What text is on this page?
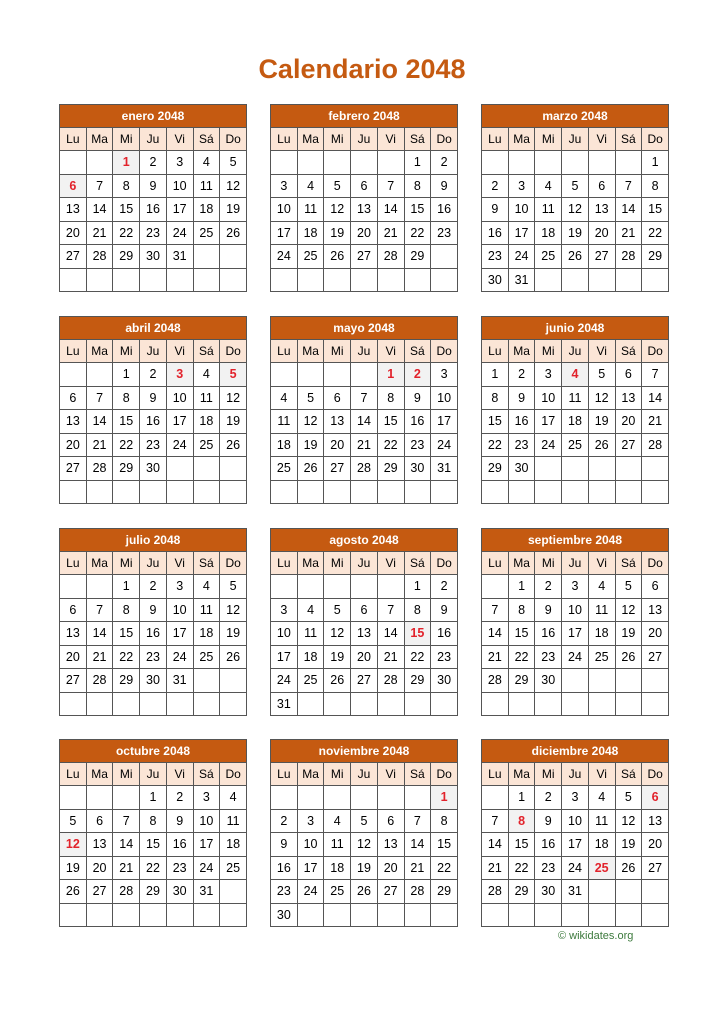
Calendario 2048
enero 2048						
Lu	Ma	Mi	Ju	Vi	Sá	Do
		1	2	3	4	5
6	7	8	9	10	11	12
13	14	15	16	17	18	19
20	21	22	23	24	25	26
27	28	29	30	31		

febrero 2048						
Lu	Ma	Mi	Ju	Vi	Sá	Do
					1	2
3	4	5	6	7	8	9
10	11	12	13	14	15	16
17	18	19	20	21	22	23
24	25	26	27	28	29	

marzo 2048						
Lu	Ma	Mi	Ju	Vi	Sá	Do
						1
2	3	4	5	6	7	8
9	10	11	12	13	14	15
16	17	18	19	20	21	22
23	24	25	26	27	28	29
30	31					
abril 2048						
Lu	Ma	Mi	Ju	Vi	Sá	Do
		1	2	3	4	5
6	7	8	9	10	11	12
13	14	15	16	17	18	19
20	21	22	23	24	25	26
27	28	29	30			

mayo 2048						
Lu	Ma	Mi	Ju	Vi	Sá	Do
				1	2	3
4	5	6	7	8	9	10
11	12	13	14	15	16	17
18	19	20	21	22	23	24
25	26	27	28	29	30	31

junio 2048						
Lu	Ma	Mi	Ju	Vi	Sá	Do
1	2	3	4	5	6	7
8	9	10	11	12	13	14
15	16	17	18	19	20	21
22	23	24	25	26	27	28
29	30					

julio 2048						
Lu	Ma	Mi	Ju	Vi	Sá	Do
		1	2	3	4	5
6	7	8	9	10	11	12
13	14	15	16	17	18	19
20	21	22	23	24	25	26
27	28	29	30	31		

agosto 2048						
Lu	Ma	Mi	Ju	Vi	Sá	Do
					1	2
3	4	5	6	7	8	9
10	11	12	13	14	15	16
17	18	19	20	21	22	23
24	25	26	27	28	29	30
31						
septiembre 2048						
Lu	Ma	Mi	Ju	Vi	Sá	Do
	1	2	3	4	5	6
7	8	9	10	11	12	13
14	15	16	17	18	19	20
21	22	23	24	25	26	27
28	29	30				

octubre 2048						
Lu	Ma	Mi	Ju	Vi	Sá	Do
			1	2	3	4
5	6	7	8	9	10	11
12	13	14	15	16	17	18
19	20	21	22	23	24	25
26	27	28	29	30	31	

noviembre 2048						
Lu	Ma	Mi	Ju	Vi	Sá	Do
						1
2	3	4	5	6	7	8
9	10	11	12	13	14	15
16	17	18	19	20	21	22
23	24	25	26	27	28	29
30						
diciembre 2048						
Lu	Ma	Mi	Ju	Vi	Sá	Do
	1	2	3	4	5	6
7	8	9	10	11	12	13
14	15	16	17	18	19	20
21	22	23	24	25	26	27
28	29	30	31			

© wikidates.org
